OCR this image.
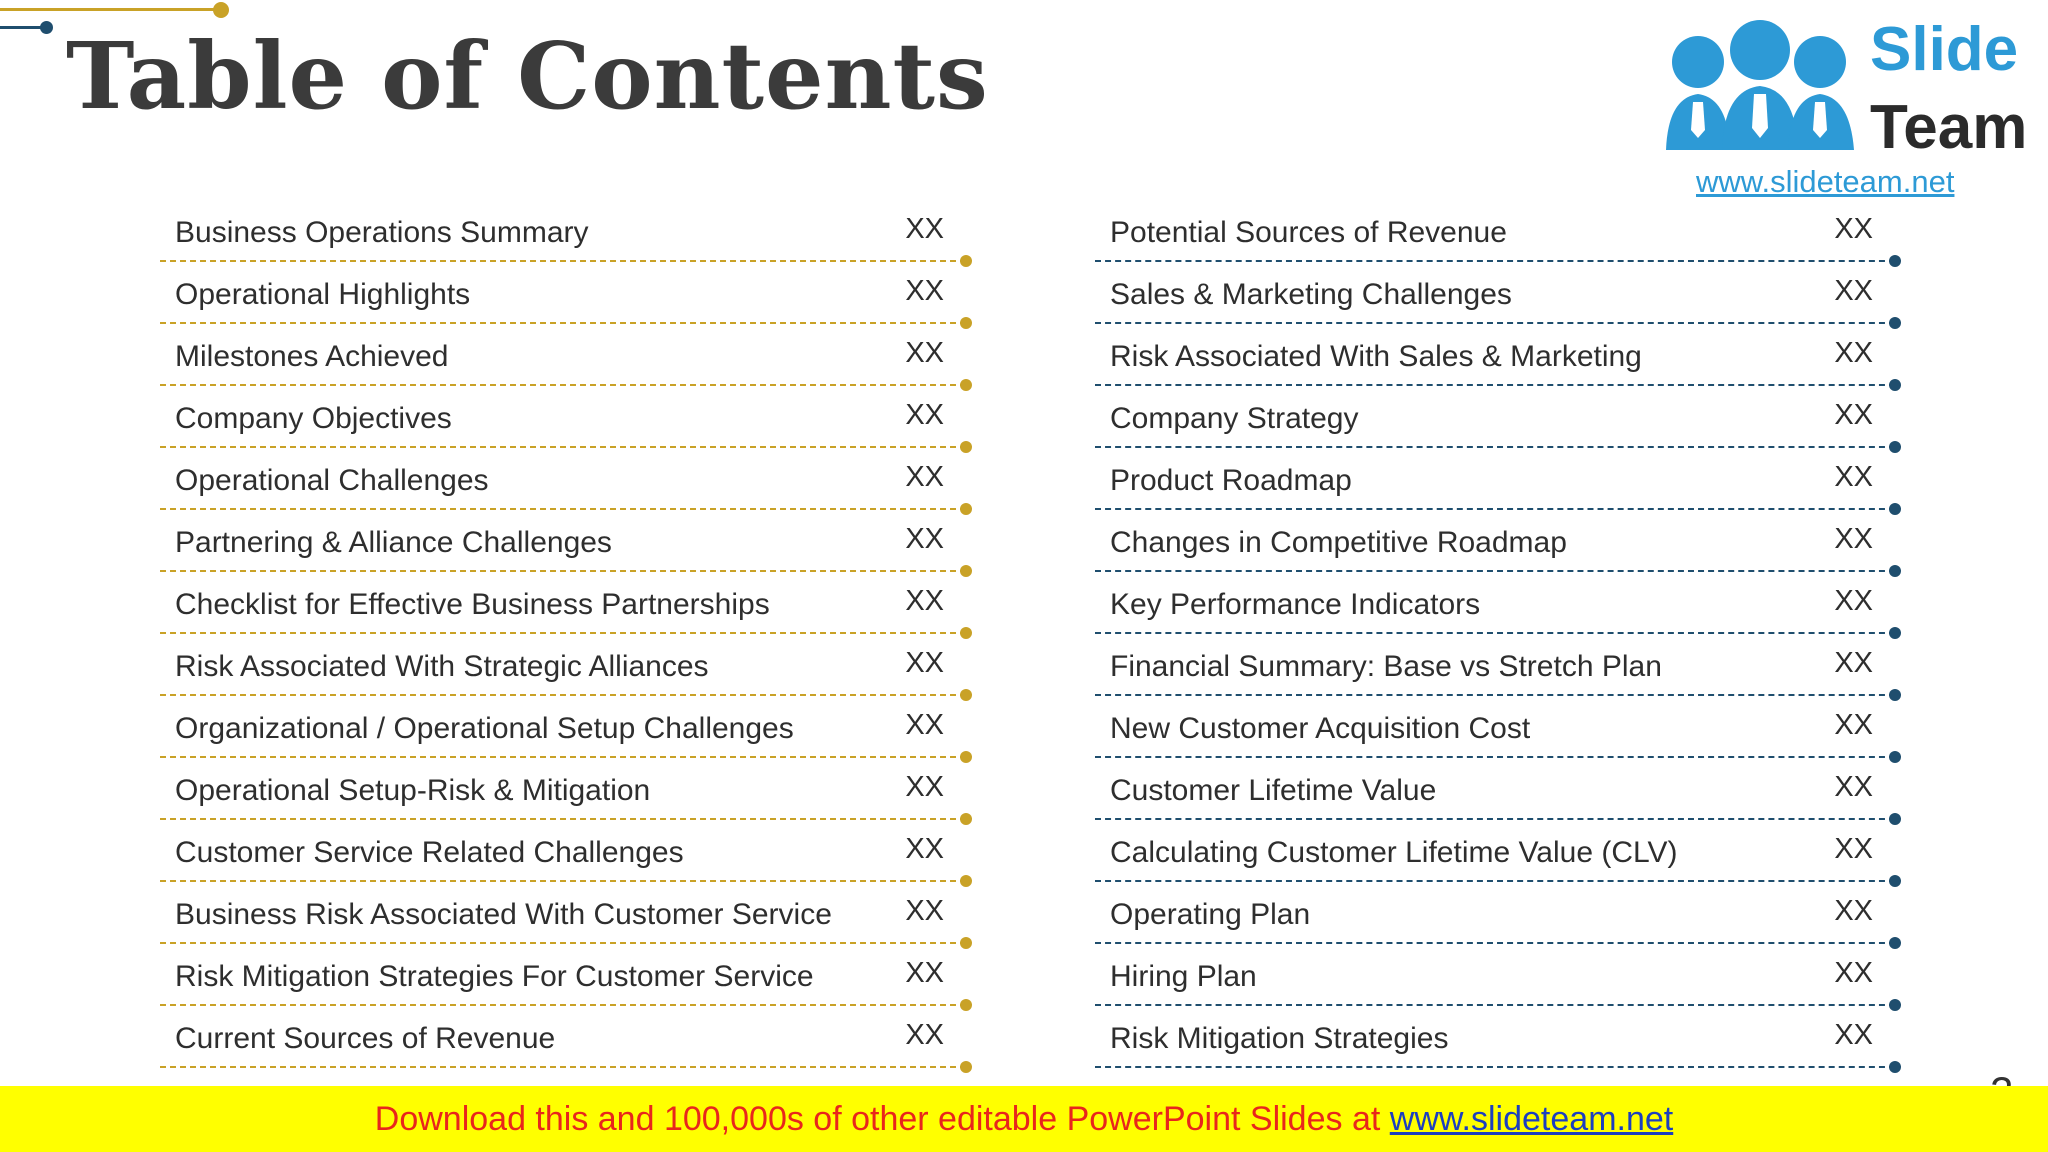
Table of Contents	Slide
Team
www.slideteam.net
Business Operations Summary	XX
Operational Highlights	XX
Milestones Achieved	XX
Company Objectives	XX
Operational Challenges	XX
Partnering & Alliance Challenges	XX
Checklist for Effective Business Partnerships	XX
Risk Associated With Strategic Alliances	XX
Organizational / Operational Setup Challenges	XX
Operational Setup-Risk & Mitigation	XX
Customer Service Related Challenges	XX
Business Risk Associated With Customer Service	XX
Risk Mitigation Strategies For Customer Service	XX
Current Sources of Revenue	XX
Potential Sources of Revenue	XX
Sales & Marketing Challenges	XX
Risk Associated With Sales & Marketing	XX
Company Strategy	XX
Product Roadmap	XX
Changes in Competitive Roadmap	XX
Key Performance Indicators	XX
Financial Summary: Base vs Stretch Plan	XX
New Customer Acquisition Cost	XX
Customer Lifetime Value	XX
Calculating Customer Lifetime Value (CLV)	XX
Operating Plan	XX
Hiring Plan	XX
Risk Mitigation Strategies	XX
Download this and 100,000s of other editable PowerPoint Slides at www.slideteam.net
